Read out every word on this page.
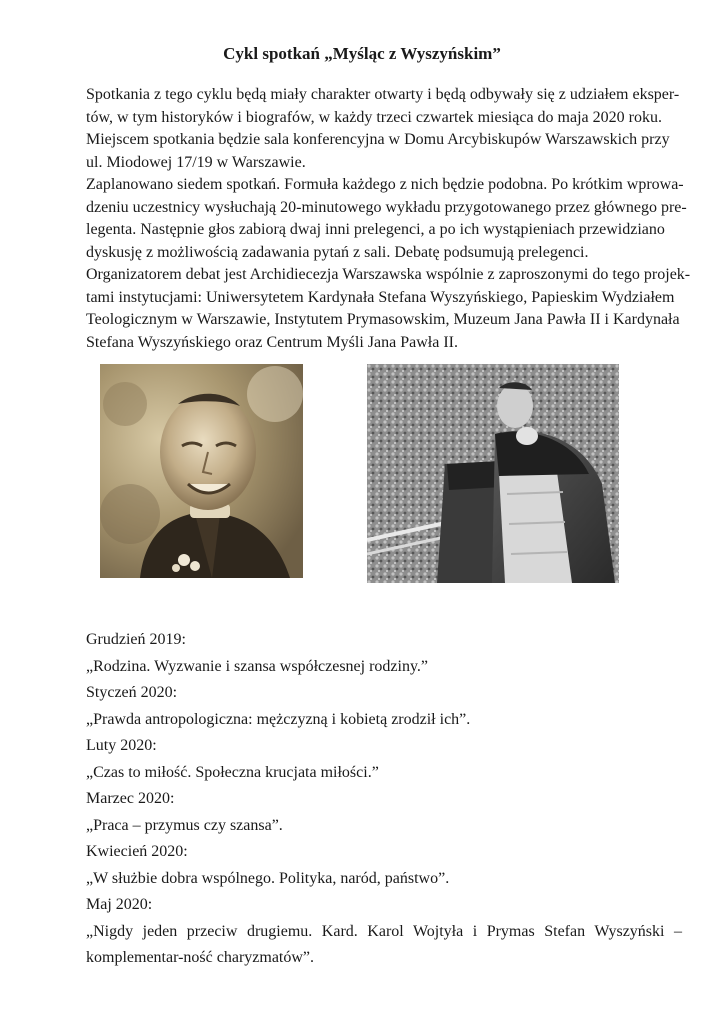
Cykl spotkań „Myśląc z Wyszyńskim”

Spotkania z tego cyklu będą miały charakter otwarty i będą odbywały się z udziałem eksper-
tów, w tym historyków i biografów, w każdy trzeci czwartek miesiąca do maja 2020 roku.
Miejscem spotkania będzie sala konferencyjna w Domu Arcybiskupów Warszawskich przy
ul. Miodowej 17/19 w Warszawie.
Zaplanowano siedem spotkań. Formuła każdego z nich będzie podobna. Po krótkim wprowa-
dzeniu uczestnicy wysłuchają 20-minutowego wykładu przygotowanego przez głównego pre-
legenta. Następnie głos zabiorą dwaj inni prelegenci, a po ich wystąpieniach przewidziano
dyskusję z możliwością zadawania pytań z sali. Debatę podsumują prelegenci.
Organizatorem debat jest Archidiecezja Warszawska wspólnie z zaproszonymi do tego projek-
tami instytucjami: Uniwersytetem Kardynała Stefana Wyszyńskiego, Papieskim Wydziałem
Teologicznym w Warszawie, Instytutem Prymasowskim, Muzeum Jana Pawła II i Kardynała
Stefana Wyszyńskiego oraz Centrum Myśli Jana Pawła II.

Grudzień 2019:
„Rodzina. Wyzwanie i szansa współczesnej rodziny.”
Styczeń 2020:
„Prawda antropologiczna: mężczyzną i kobietą zrodził ich”.
Luty 2020:
„Czas to miłość. Społeczna krucjata miłości.”
Marzec 2020:
„Praca – przymus czy szansa”.
Kwiecień 2020:
„W służbie dobra wspólnego. Polityka, naród, państwo”.
Maj 2020:
„Nigdy jeden przeciw drugiemu. Kard. Karol Wojtyła i Prymas Stefan Wyszyński – komplementar-ność charyzmatów”.
